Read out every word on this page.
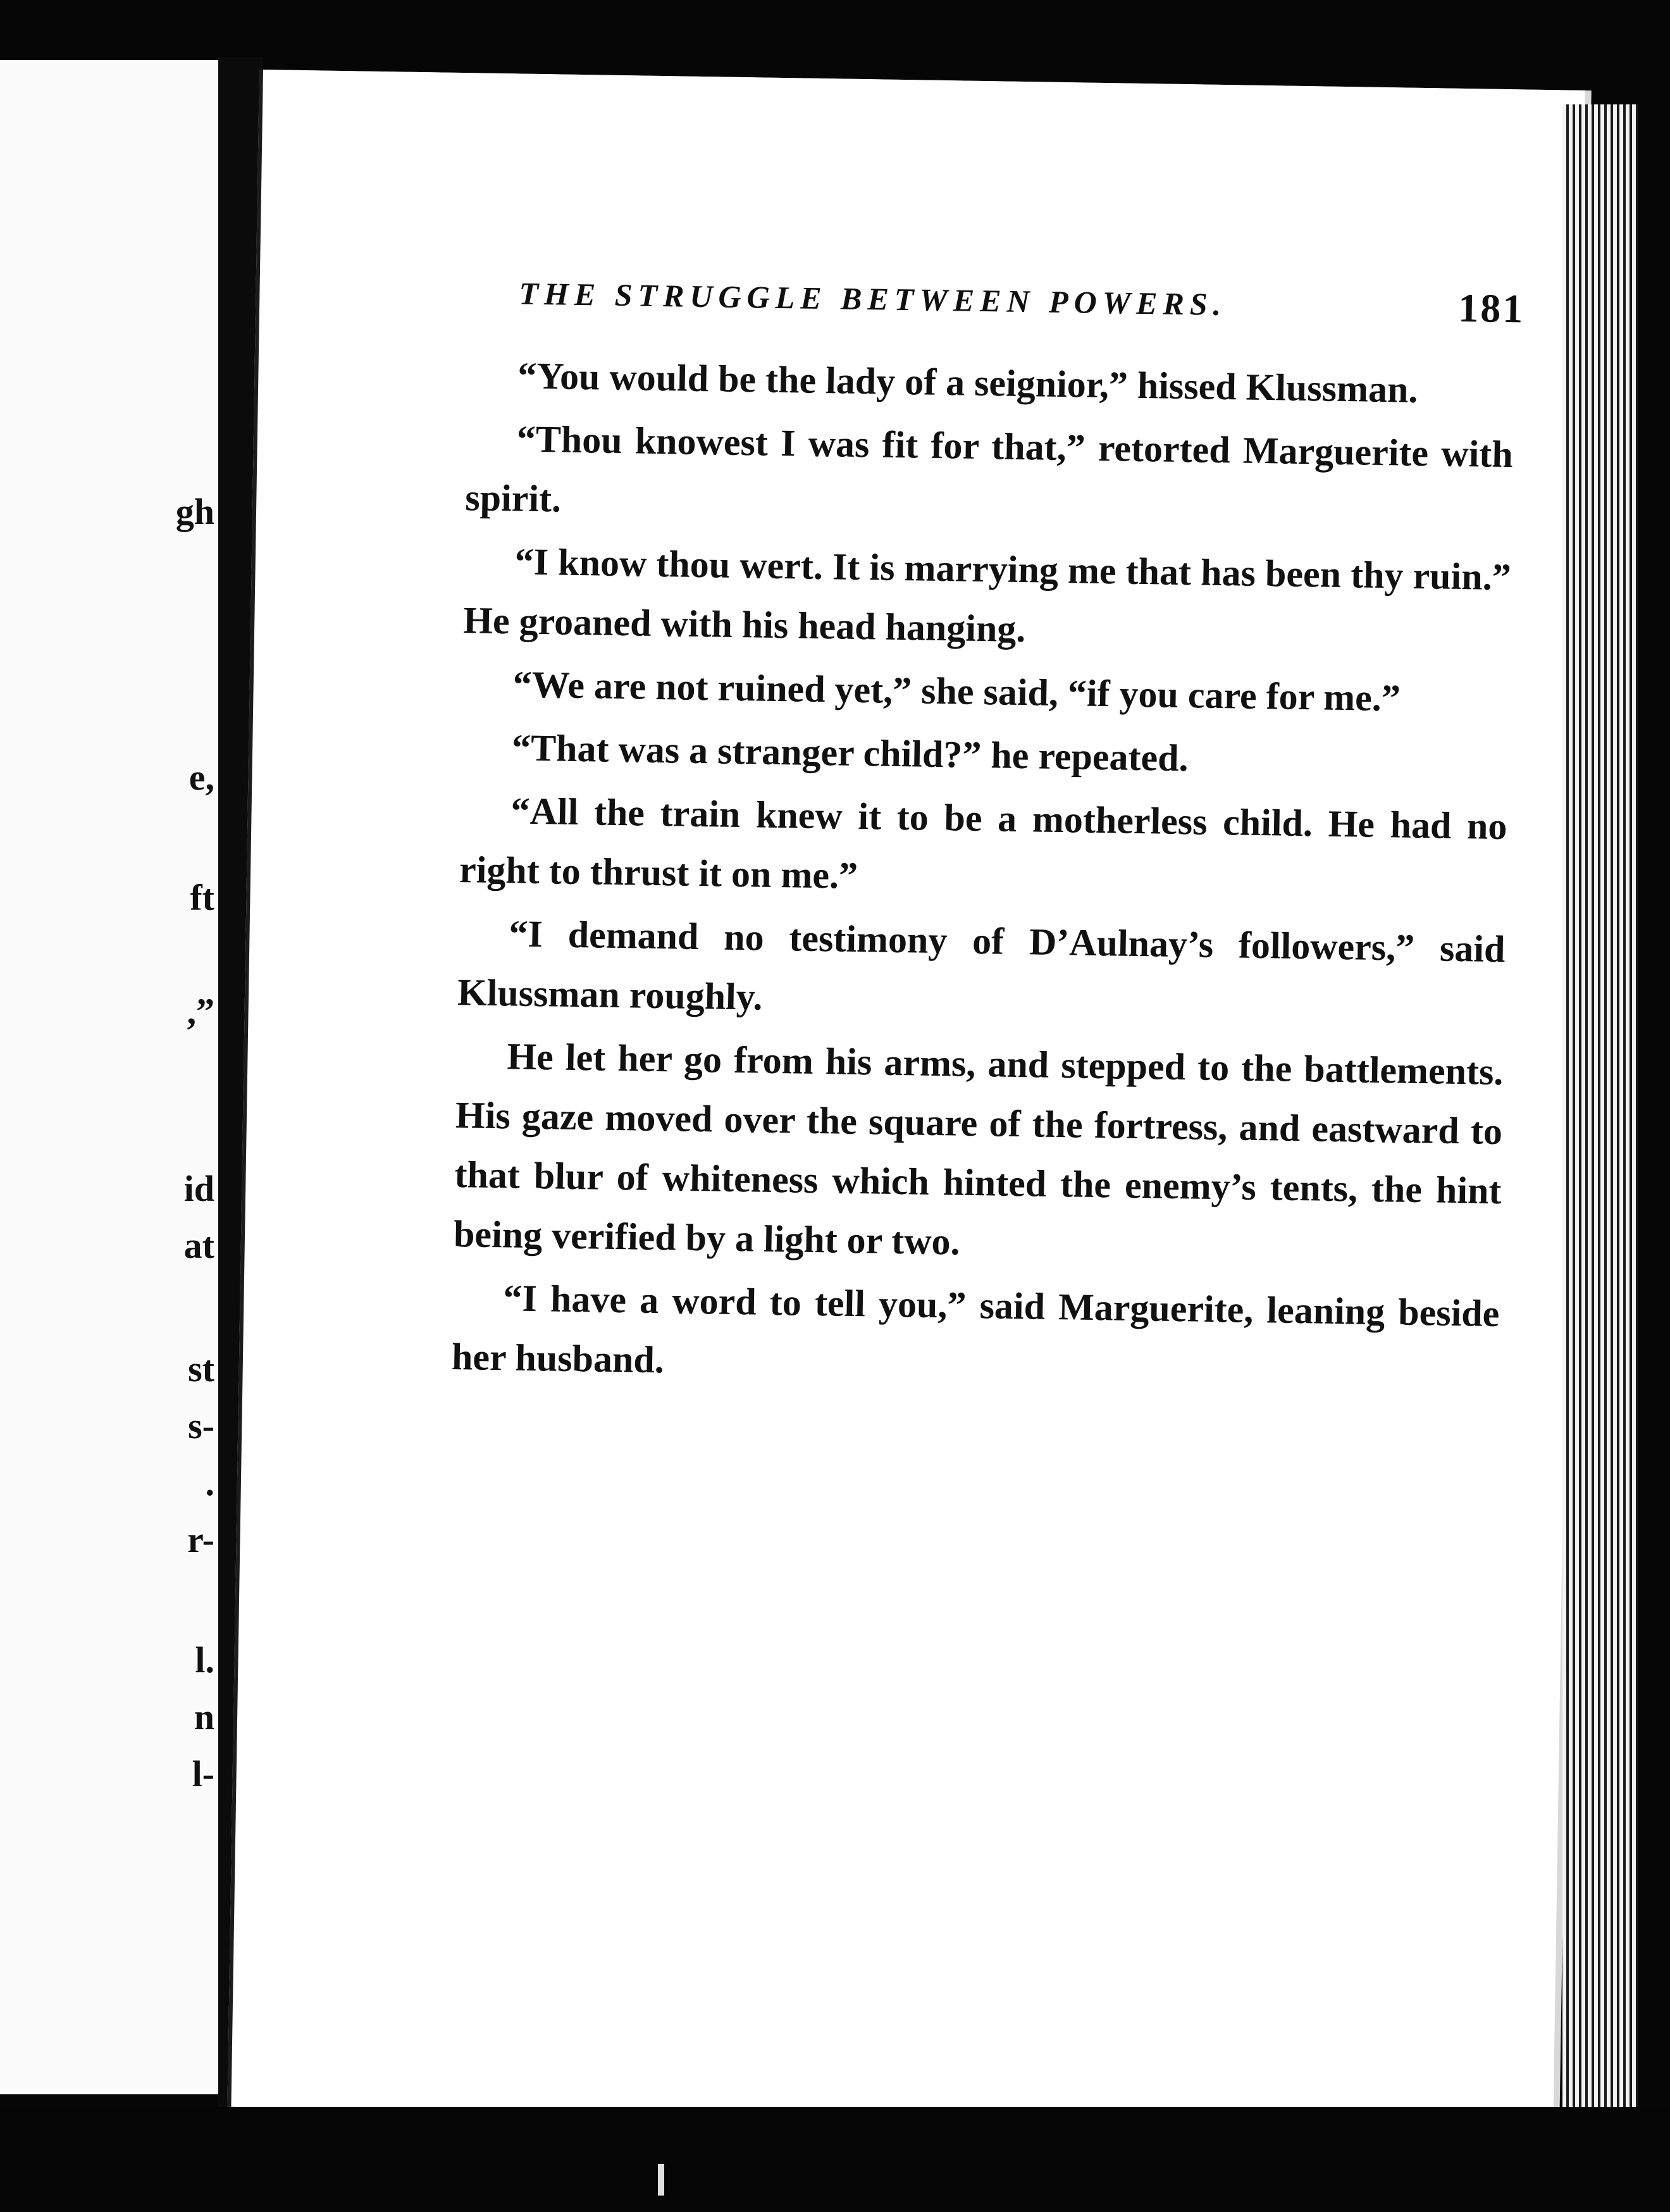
gh
e,
ft
,”
id
at
st
s-
.
r-
l.
n
l-
THE STRUGGLE BETWEEN POWERS.	181

“You would be the lady of a seignior,” hissed Klussman.

“Thou knowest I was fit for that,” retorted Marguerite with spirit.

“I know thou wert. It is marrying me that has been thy ruin.” He groaned with his head hanging.

“We are not ruined yet,” she said, “if you care for me.”

“That was a stranger child?” he repeated.

“All the train knew it to be a motherless child. He had no right to thrust it on me.”

“I demand no testimony of D’Aulnay’s followers,” said Klussman roughly.

He let her go from his arms, and stepped to the battlements. His gaze moved over the square of the fortress, and eastward to that blur of whiteness which hinted the enemy’s tents, the hint being verified by a light or two.

“I have a word to tell you,” said Marguerite, leaning beside her husband.
